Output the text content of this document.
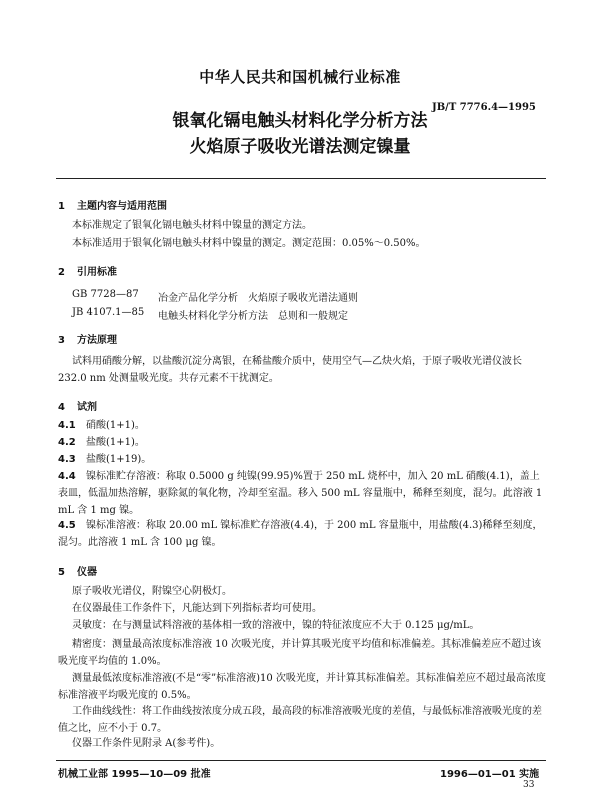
中华人民共和国机械行业标准
JB/T 7776.4—1995
银氧化镉电触头材料化学分析方法
火焰原子吸收光谱法测定镍量
1 主题内容与适用范围
本标准规定了银氧化镉电触头材料中镍量的测定方法。
本标准适用于银氧化镉电触头材料中镍量的测定。测定范围：0.05%～0.50%。
2 引用标准
GB 7728—87 冶金产品化学分析　火焰原子吸收光谱法通则
JB 4107.1—85 电触头材料化学分析方法　总则和一般规定
3 方法原理
试料用硝酸分解，以盐酸沉淀分离银，在稀盐酸介质中，使用空气—乙炔火焰，于原子吸收光谱仪波长 232.0 nm 处测量吸光度。共存元素不干扰测定。
4 试剂
4.1 硝酸(1+1)。
4.2 盐酸(1+1)。
4.3 盐酸(1+19)。
4.4 镍标准贮存溶液：称取 0.5000 g 纯镍(99.95)%置于 250 mL 烧杯中，加入 20 mL 硝酸(4.1)，盖上表皿，低温加热溶解，驱除氮的氧化物，冷却至室温。移入 500 mL 容量瓶中，稀释至刻度，混匀。此溶液 1 mL 含 1 mg 镍。
4.5 镍标准溶液：称取 20.00 mL 镍标准贮存溶液(4.4)，于 200 mL 容量瓶中，用盐酸(4.3)稀释至刻度，混匀。此溶液 1 mL 含 100 μg 镍。
5 仪器
原子吸收光谱仪，附镍空心阴极灯。
在仪器最佳工作条件下，凡能达到下列指标者均可使用。
灵敏度：在与测量试料溶液的基体相一致的溶液中，镍的特征浓度应不大于 0.125 μg/mL。
精密度：测量最高浓度标准溶液 10 次吸光度，并计算其吸光度平均值和标准偏差。其标准偏差应不超过该吸光度平均值的 1.0%。
测量最低浓度标准溶液(不是“零”标准溶液)10 次吸光度，并计算其标准偏差。其标准偏差应不超过最高浓度标准溶液平均吸光度的 0.5%。
工作曲线线性：将工作曲线按浓度分成五段，最高段的标准溶液吸光度的差值，与最低标准溶液吸光度的差值之比，应不小于 0.7。
仪器工作条件见附录 A(参考件)。
机械工业部 1995—10—09 批准	1996—01—01 实施
33
